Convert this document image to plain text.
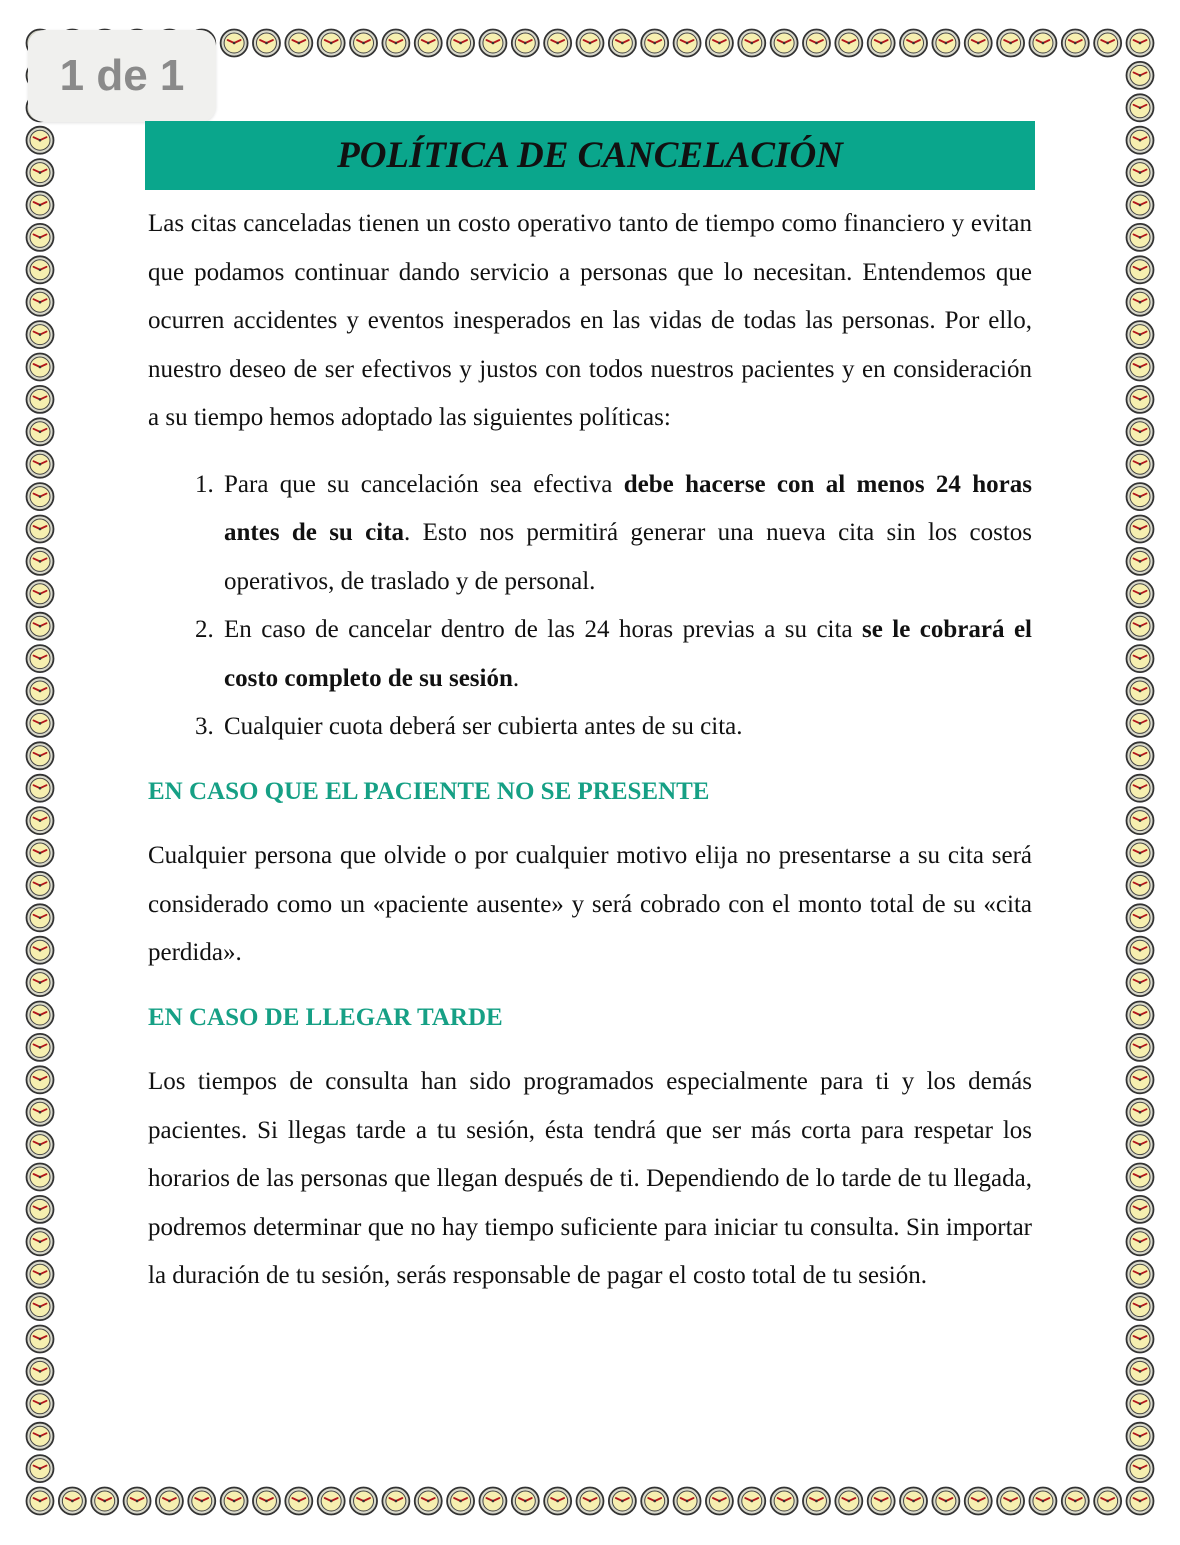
1 de 1
POLÍTICA DE CANCELACIÓN

Las citas canceladas tienen un costo operativo tanto de tiempo como financiero y evitan que podamos continuar dando servicio a personas que lo necesitan. Entendemos que ocurren accidentes y eventos inesperados en las vidas de todas las personas. Por ello, nuestro deseo de ser efectivos y justos con todos nuestros pacientes y en consideración a su tiempo hemos adoptado las siguientes políticas:

1. Para que su cancelación sea efectiva debe hacerse con al menos 24 horas antes de su cita. Esto nos permitirá generar una nueva cita sin los costos operativos, de traslado y de personal.
2. En caso de cancelar dentro de las 24 horas previas a su cita se le cobrará el costo completo de su sesión.
3. Cualquier cuota deberá ser cubierta antes de su cita.
EN CASO QUE EL PACIENTE NO SE PRESENTE

Cualquier persona que olvide o por cualquier motivo elija no presentarse a su cita será considerado como un «paciente ausente» y será cobrado con el monto total de su «cita perdida».

EN CASO DE LLEGAR TARDE

Los tiempos de consulta han sido programados especialmente para ti y los demás pacientes. Si llegas tarde a tu sesión, ésta tendrá que ser más corta para respetar los horarios de las personas que llegan después de ti. Dependiendo de lo tarde de tu llegada, podremos determinar que no hay tiempo suficiente para iniciar tu consulta. Sin importar la duración de tu sesión, serás responsable de pagar el costo total de tu sesión.
